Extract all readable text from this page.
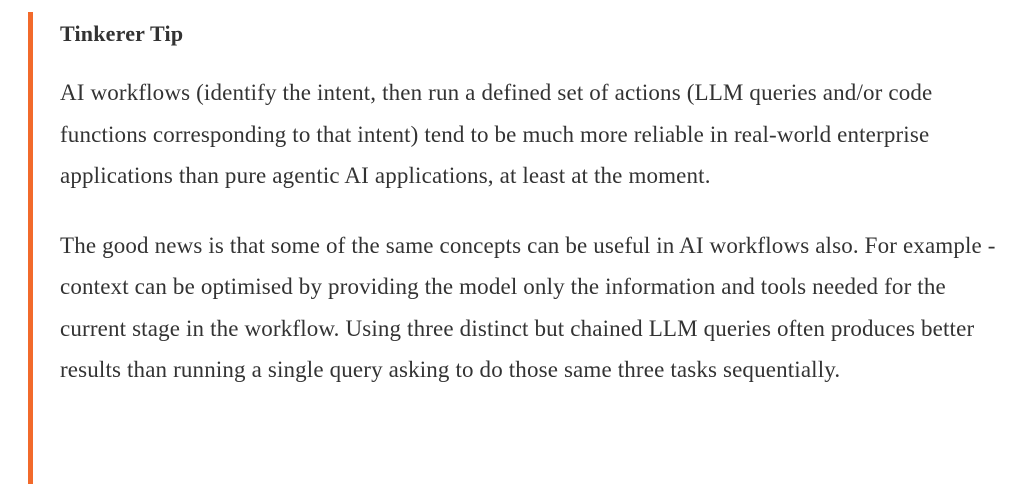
Tinkerer Tip

AI workflows (identify the intent, then run a defined set of actions (LLM queries and/or code functions corresponding to that intent) tend to be much more reliable in real-world enterprise applications than pure agentic AI applications, at least at the moment.

The good news is that some of the same concepts can be useful in AI workflows also. For example - context can be optimised by providing the model only the information and tools needed for the current stage in the workflow. Using three distinct but chained LLM queries often produces better results than running a single query asking to do those same three tasks sequentially.
